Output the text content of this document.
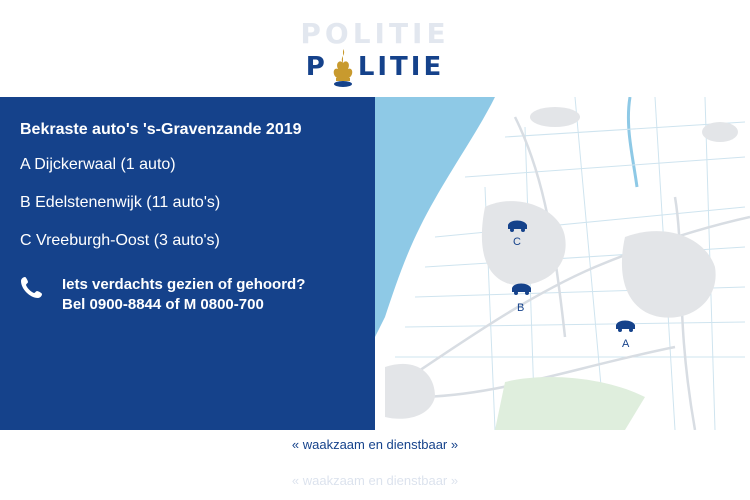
POLITIE
P LITIE
Bekraste auto's 's-Gravenzande 2019
A Dijckerwaal (1 auto)
B Edelstenenwijk (11 auto's)
C Vreeburgh-Oost (3 auto's)
Iets verdachts gezien of gehoord?
Bel 0900-8844 of M 0800-700
C
B
A
« waakzaam en dienstbaar »
« waakzaam en dienstbaar »
